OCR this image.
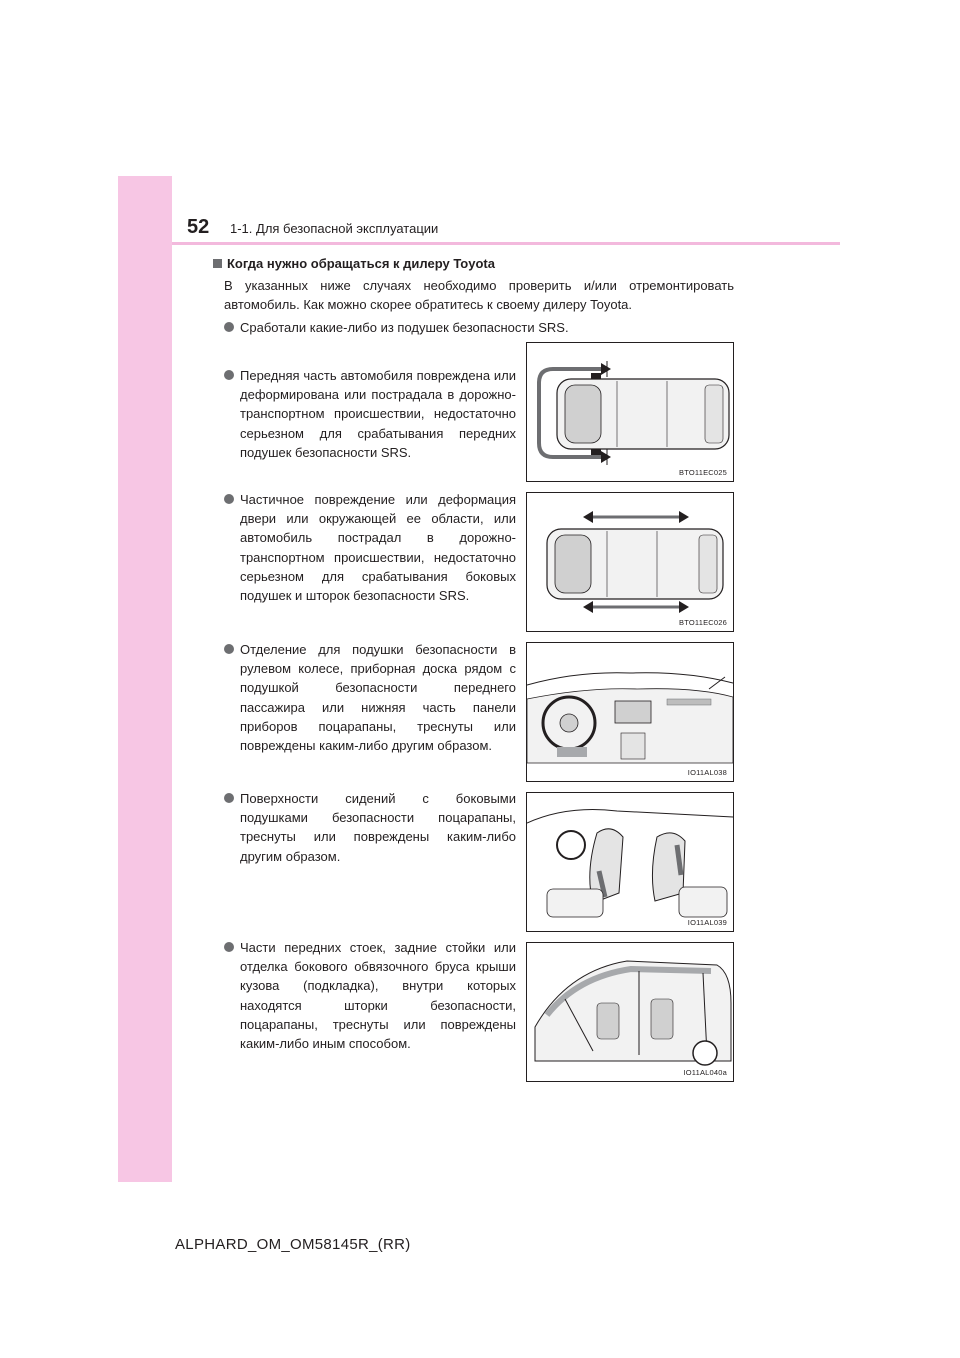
52 1-1. Для безопасной эксплуатации
Когда нужно обращаться к дилеру Toyota
В указанных ниже случаях необходимо проверить и/или отремонтировать автомобиль. Как можно скорее обратитесь к своему дилеру Toyota.
Сработали какие-либо из подушек безопасности SRS.
Передняя часть автомобиля повреждена или деформирована или пострадала в дорожно-транспортном происшествии, недостаточно серьезном для срабатывания передних подушек безопасности SRS.
Частичное повреждение или деформация двери или окружающей ее области, или автомобиль пострадал в дорожно-транспортном происшествии, недостаточно серьезном для срабатывания боковых подушек и шторок безопасности SRS.
Отделение для подушки безопасности в рулевом колесе, приборная доска рядом с подушкой безопасности переднего пассажира или нижняя часть панели приборов поцарапаны, треснуты или повреждены каким-либо другим образом.
Поверхности сидений с боковыми подушками безопасности поцарапаны, треснуты или повреждены каким-либо другим образом.
Части передних стоек, задние стойки или отделка бокового обвязочного бруса крыши кузова (подкладка), внутри которых находятся шторки безопасности, поцарапаны, треснуты или повреждены каким-либо иным способом.
BTO11EC025
BTO11EC026
IO11AL038
IO11AL039
IO11AL040a
ALPHARD_OM_OM58145R_(RR)
